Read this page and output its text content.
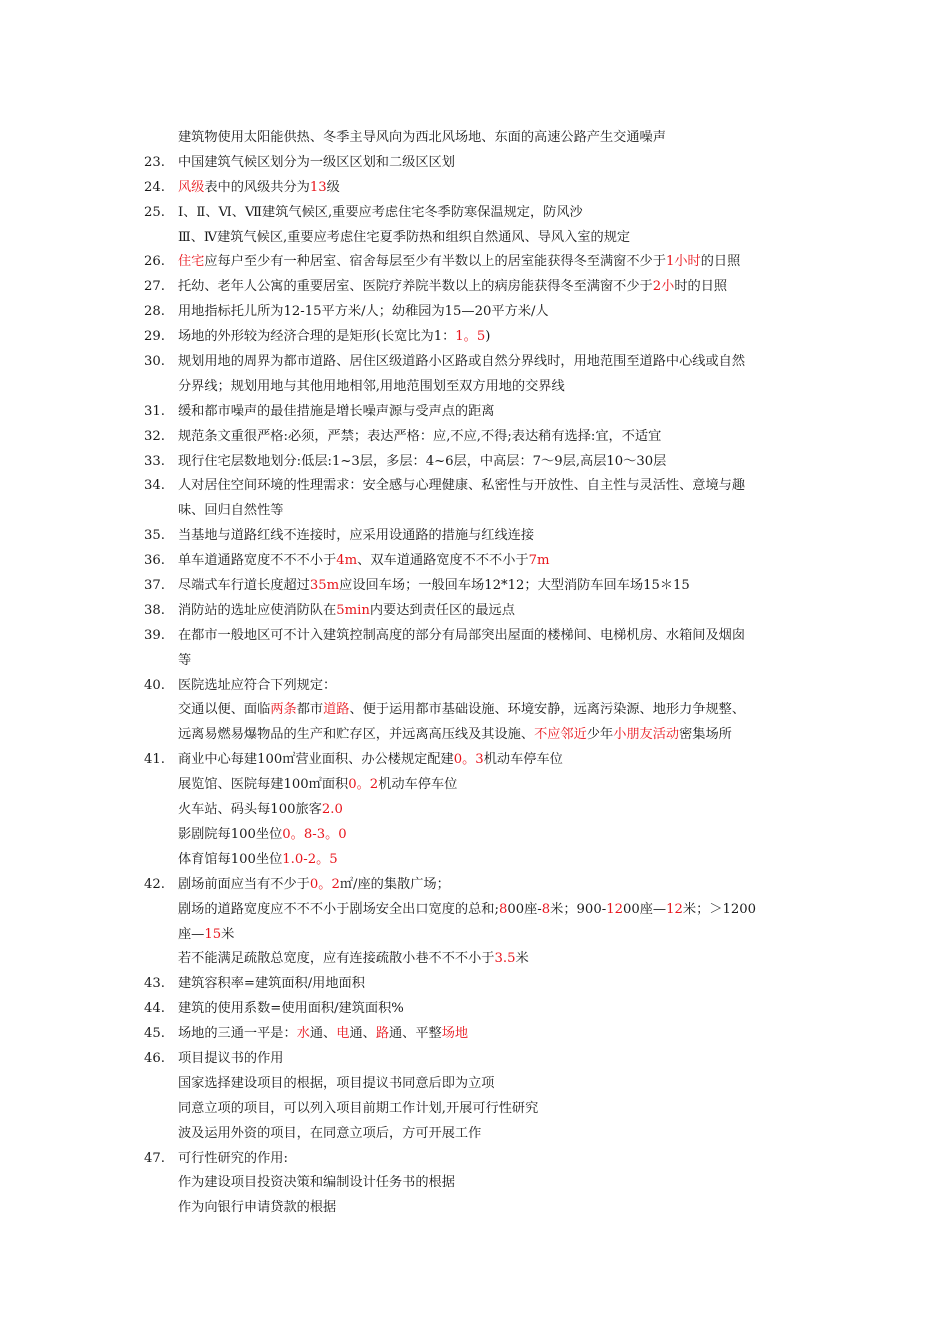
建筑物使用太阳能供热、冬季主导风向为西北风场地、东面的高速公路产生交通噪声
23. 中国建筑气候区划分为一级区区划和二级区区划
24. 风级表中的风级共分为13级
25. Ⅰ、Ⅱ、Ⅵ、Ⅶ建筑气候区,重要应考虑住宅冬季防寒保温规定，防风沙
Ⅲ、Ⅳ建筑气候区,重要应考虑住宅夏季防热和组织自然通风、导风入室的规定
26. 住宅应每户至少有一种居室、宿舍每层至少有半数以上的居室能获得冬至满窗不少于1小时的日照
27. 托幼、老年人公寓的重要居室、医院疗养院半数以上的病房能获得冬至满窗不少于2小时的日照
28. 用地指标托儿所为12-15平方米/人；幼稚园为15—20平方米/人
29. 场地的外形较为经济合理的是矩形(长宽比为1：1。5)
30. 规划用地的周界为都市道路、居住区级道路小区路或自然分界线时，用地范围至道路中心线或自然
分界线；规划用地与其他用地相邻,用地范围划至双方用地的交界线
31. 缓和都市噪声的最佳措施是增长噪声源与受声点的距离
32. 规范条文重很严格:必须，严禁；表达严格：应,不应,不得;表达稍有选择:宜，不适宜
33. 现行住宅层数地划分:低层:1~3层，多层：4~6层，中高层：7～9层,高层10～30层
34. 人对居住空间环境的性理需求：安全感与心理健康、私密性与开放性、自主性与灵活性、意境与趣
味、回归自然性等
35. 当基地与道路红线不连接时，应采用设通路的措施与红线连接
36. 单车道通路宽度不不不小于4m、双车道通路宽度不不不小于7m
37. 尽端式车行道长度超过35m应设回车场；一般回车场12*12；大型消防车回车场15＊15
38. 消防站的选址应使消防队在5min内要达到责任区的最远点
39. 在都市一般地区可不计入建筑控制高度的部分有局部突出屋面的楼梯间、电梯机房、水箱间及烟囱
等
40. 医院选址应符合下列规定：
交通以便、面临两条都市道路、便于运用都市基础设施、环境安静，远离污染源、地形力争规整、
远离易燃易爆物品的生产和贮存区，并远离高压线及其设施、不应邻近少年小朋友活动密集场所
41. 商业中心每建100㎡营业面积、办公楼规定配建0。3机动车停车位
展览馆、医院每建100㎡面积0。2机动车停车位
火车站、码头每100旅客2.0
影剧院每100坐位0。8-3。0
体育馆每100坐位1.0-2。5
42. 剧场前面应当有不少于0。2㎡/座的集散广场；
剧场的道路宽度应不不不小于剧场安全出口宽度的总和;800座-8米；900-1200座—12米；＞1200
座—15米
若不能满足疏散总宽度，应有连接疏散小巷不不不小于3.5米
43. 建筑容积率=建筑面积/用地面积
44. 建筑的使用系数=使用面积/建筑面积%
45. 场地的三通一平是：水通、电通、路通、平整场地
46. 项目提议书的作用
国家选择建设项目的根据，项目提议书同意后即为立项
同意立项的项目，可以列入项目前期工作计划,开展可行性研究
波及运用外资的项目，在同意立项后，方可开展工作
47. 可行性研究的作用:
作为建设项目投资决策和编制设计任务书的根据
作为向银行申请贷款的根据
